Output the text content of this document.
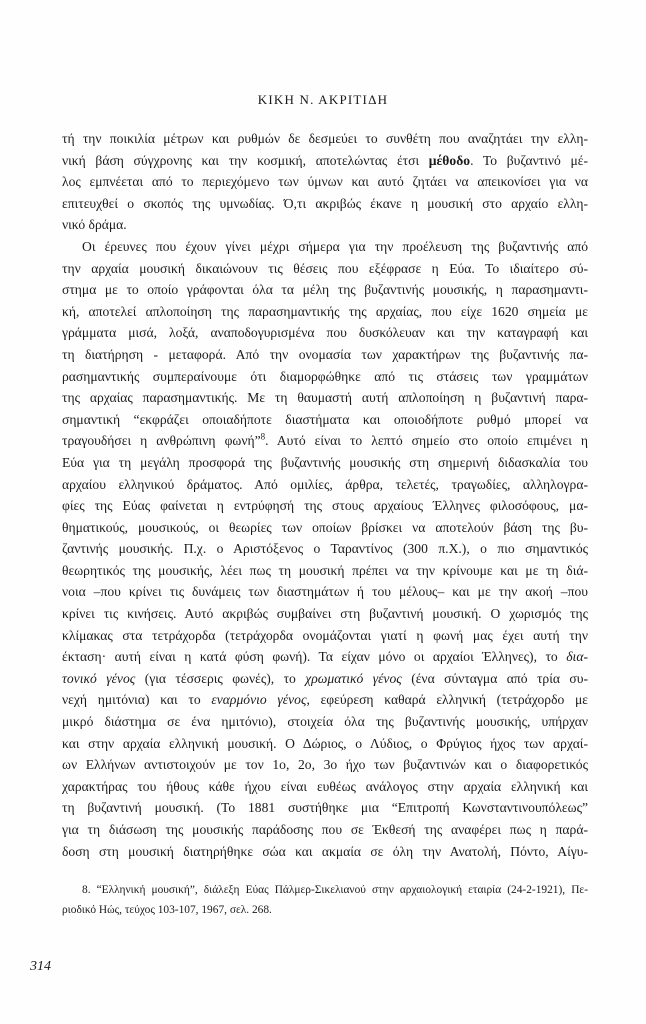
ΚΙΚΗ Ν. ΑΚΡΙΤΙΔΗ
τή την ποικιλία μέτρων και ρυθμών δε δεσμεύει το συνθέτη που αναζητάει την ελλη-
νική βάση σύγχρονης και την κοσμική, αποτελώντας έτσι μέθοδο. Το βυζαντινό μέ-
λος εμπνέεται από το περιεχόμενο των ύμνων και αυτό ζητάει να απεικονίσει για να
επιτευχθεί ο σκοπός της υμνωδίας. Ό,τι ακριβώς έκανε η μουσική στο αρχαίο ελλη-
νικό δράμα.
Οι έρευνες που έχουν γίνει μέχρι σήμερα για την προέλευση της βυζαντινής από
την αρχαία μουσική δικαιώνουν τις θέσεις που εξέφρασε η Εύα. Το ιδιαίτερο σύ-
στημα με το οποίο γράφονται όλα τα μέλη της βυζαντινής μουσικής, η παρασημαντι-
κή, αποτελεί απλοποίηση της παρασημαντικής της αρχαίας, που είχε 1620 σημεία με
γράμματα μισά, λοξά, αναποδογυρισμένα που δυσκόλευαν και την καταγραφή και
τη διατήρηση - μεταφορά. Από την ονομασία των χαρακτήρων της βυζαντινής πα-
ρασημαντικής συμπεραίνουμε ότι διαμορφώθηκε από τις στάσεις των γραμμάτων
της αρχαίας παρασημαντικής. Με τη θαυμαστή αυτή απλοποίηση η βυζαντινή παρα-
σημαντική “εκφράζει οποιαδήποτε διαστήματα και οποιοδήποτε ρυθμό μπορεί να
τραγουδήσει η ανθρώπινη φωνή”$^8$. Αυτό είναι το λεπτό σημείο στο οποίο επιμένει η
Εύα για τη μεγάλη προσφορά της βυζαντινής μουσικής στη σημερινή διδασκαλία του
αρχαίου ελληνικού δράματος. Από ομιλίες, άρθρα, τελετές, τραγωδίες, αλληλογρα-
φίες της Εύας φαίνεται η εντρύφησή της στους αρχαίους Έλληνες φιλοσόφους, μα-
θηματικούς, μουσικούς, οι θεωρίες των οποίων βρίσκει να αποτελούν βάση της βυ-
ζαντινής μουσικής. Π.χ. ο Αριστόξενος ο Ταραντίνος (300 π.Χ.), ο πιο σημαντικός
θεωρητικός της μουσικής, λέει πως τη μουσική πρέπει να την κρίνουμε και με τη διά-
νοια –που κρίνει τις δυνάμεις των διαστημάτων ή του μέλους– και με την ακοή –που
κρίνει τις κινήσεις. Αυτό ακριβώς συμβαίνει στη βυζαντινή μουσική. Ο χωρισμός της
κλίμακας στα τετράχορδα (τετράχορδα ονομάζονται γιατί η φωνή μας έχει αυτή την
έκταση· αυτή είναι η κατά φύση φωνή). Τα είχαν μόνο οι αρχαίοι Έλληνες), το δια-
τονικό γένος (για τέσσερις φωνές), το χρωματικό γένος (ένα σύνταγμα από τρία συ-
νεχή ημιτόνια) και το εναρμόνιο γένος, εφεύρεση καθαρά ελληνική (τετράχορδο με
μικρό διάστημα σε ένα ημιτόνιο), στοιχεία όλα της βυζαντινής μουσικής, υπήρχαν
και στην αρχαία ελληνική μουσική. Ο Δώριος, ο Λύδιος, ο Φρύγιος ήχος των αρχαί-
ων Ελλήνων αντιστοιχούν με τον 1ο, 2ο, 3ο ήχο των βυζαντινών και ο διαφορετικός
χαρακτήρας του ήθους κάθε ήχου είναι ευθέως ανάλογος στην αρχαία ελληνική και
τη βυζαντινή μουσική. (Το 1881 συστήθηκε μια “Επιτροπή Κωνσταντινουπόλεως”
για τη διάσωση της μουσικής παράδοσης που σε Έκθεσή της αναφέρει πως η παρά-
δοση στη μουσική διατηρήθηκε σώα και ακμαία σε όλη την Ανατολή, Πόντο, Αίγυ-
8. “Ελληνική μουσική”, διάλεξη Εύας Πάλμερ-Σικελιανού στην αρχαιολογική εταιρία (24-2-1921), Πε-
ριοδικό Ηώς, τεύχος 103-107, 1967, σελ. 268.
314
